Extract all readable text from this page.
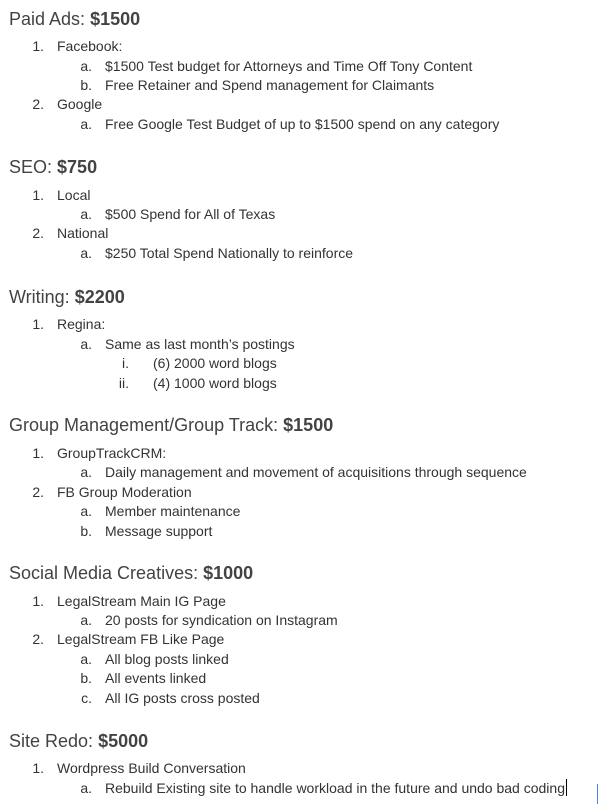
Paid Ads: $1500
1. Facebook:
a. $1500 Test budget for Attorneys and Time Off Tony Content
b. Free Retainer and Spend management for Claimants
2. Google
a. Free Google Test Budget of up to $1500 spend on any category
SEO: $750
1. Local
a. $500 Spend for All of Texas
2. National
a. $250 Total Spend Nationally to reinforce
Writing: $2200
1. Regina:
a. Same as last month’s postings
i. (6) 2000 word blogs
ii. (4) 1000 word blogs
Group Management/Group Track: $1500
1. GroupTrackCRM:
a. Daily management and movement of acquisitions through sequence
2. FB Group Moderation
a. Member maintenance
b. Message support
Social Media Creatives: $1000
1. LegalStream Main IG Page
a. 20 posts for syndication on Instagram
2. LegalStream FB Like Page
a. All blog posts linked
b. All events linked
c. All IG posts cross posted
Site Redo: $5000
1. Wordpress Build Conversation
a. Rebuild Existing site to handle workload in the future and undo bad coding
